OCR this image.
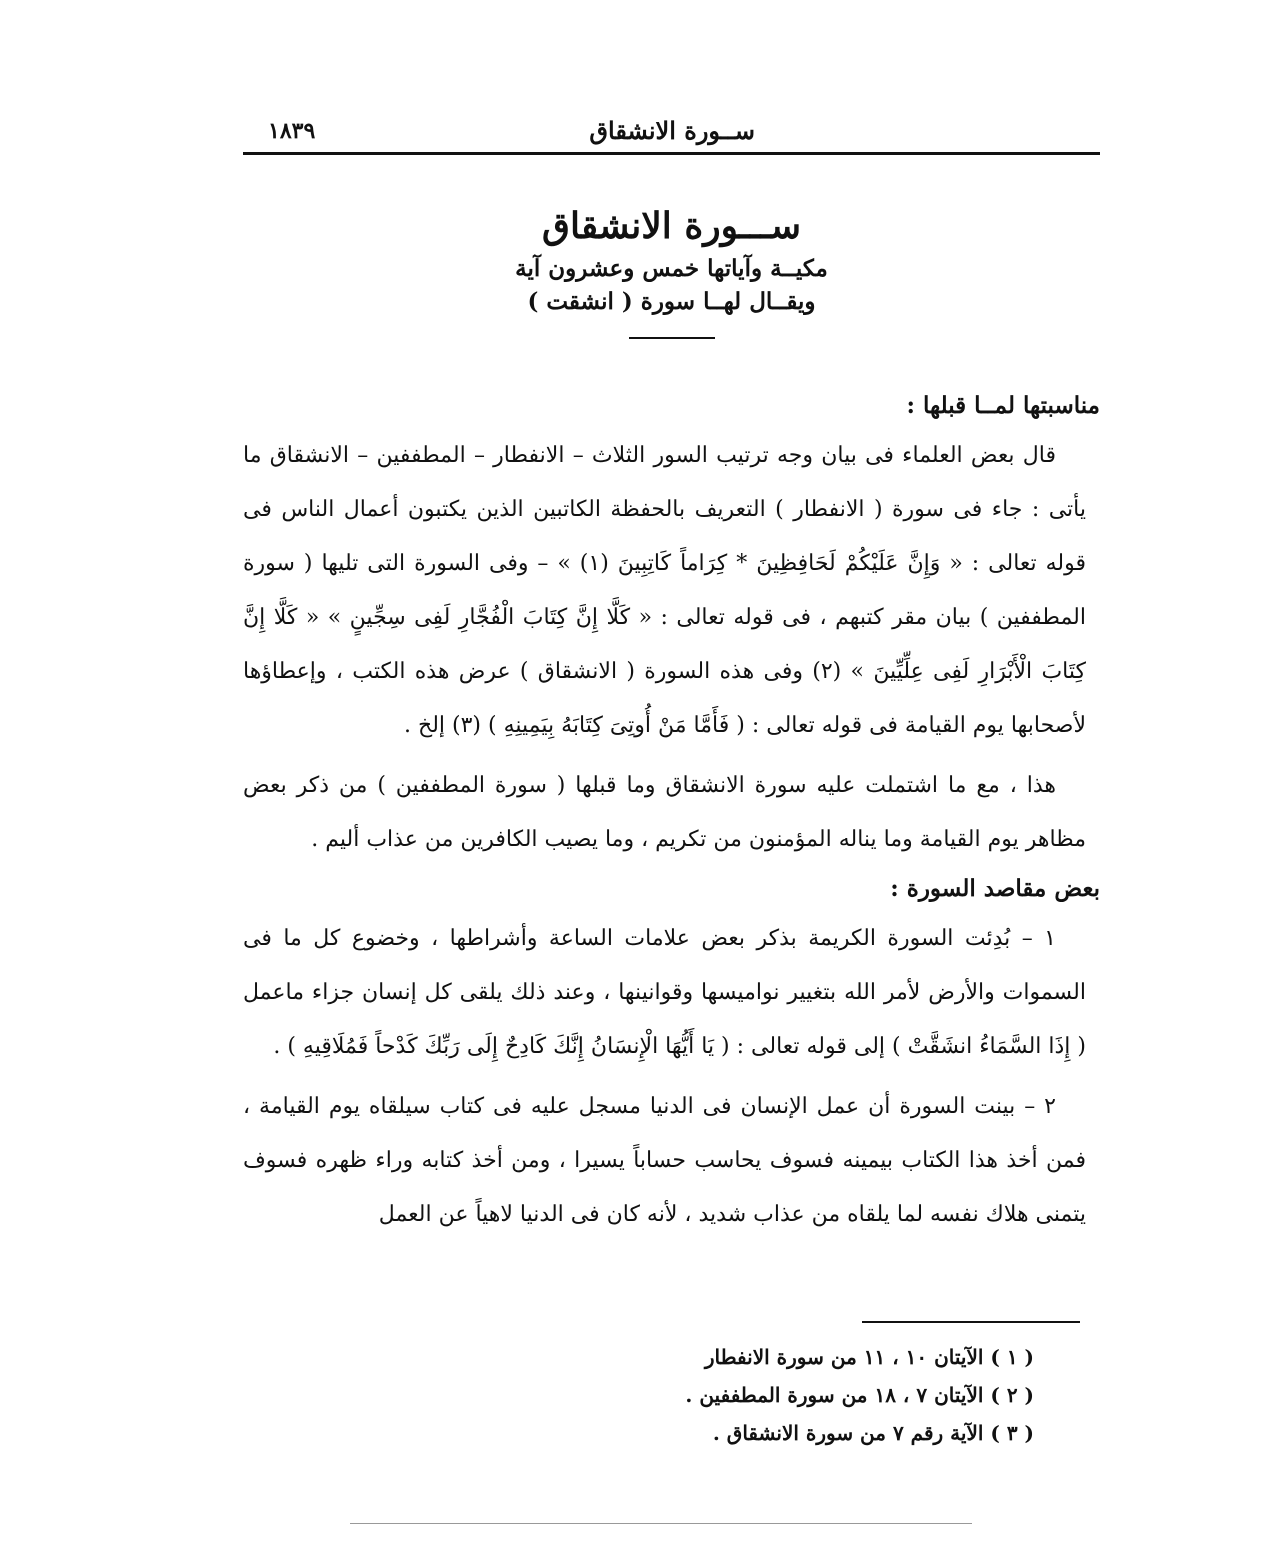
ســورة الانشقاق
١٨٣٩
ســـورة الانشقاق
مكيــة وآياتها خمس وعشرون آية
ويقــال لهــا سورة ( انشقت )
مناسبتها لمــا قبلها :

قال بعض العلماء فى بيان وجه ترتيب السور الثلاث – الانفطار – المطففين – الانشقاق ما يأتى : جاء فى سورة ( الانفطار ) التعريف بالحفظة الكاتبين الذين يكتبون أعمال الناس فى قوله تعالى : « وَإِنَّ عَلَيْكُمْ لَحَافِظِينَ * كِرَاماً كَاتِبِينَ (١) » – وفى السورة التى تليها ( سورة المطففين ) بيان مقر كتبهم ، فى قوله تعالى : « كَلَّا إِنَّ كِتَابَ الْفُجَّارِ لَفِى سِجِّينٍ » « كَلَّا إِنَّ كِتَابَ الْأَبْرَارِ لَفِى عِلِّيِّينَ » (٢) وفى هذه السورة ( الانشقاق ) عرض هذه الكتب ، وإعطاؤها لأصحابها يوم القيامة فى قوله تعالى : ( فَأَمَّا مَنْ أُوتِىَ كِتَابَهُ بِيَمِينِهِ ) (٣) إلخ .

هذا ، مع ما اشتملت عليه سورة الانشقاق وما قبلها ( سورة المطففين ) من ذكر بعض مظاهر يوم القيامة وما يناله المؤمنون من تكريم ، وما يصيب الكافرين من عذاب أليم .

بعض مقاصد السورة :

١ – بُدِئت السورة الكريمة بذكر بعض علامات الساعة وأشراطها ، وخضوع كل ما فى السموات والأرض لأمر الله بتغيير نواميسها وقوانينها ، وعند ذلك يلقى كل إنسان جزاء ماعمل ( إِذَا السَّمَاءُ انشَقَّتْ ) إلى قوله تعالى : ( يَا أَيُّهَا الْإِنسَانُ إِنَّكَ كَادِحٌ إِلَى رَبِّكَ كَدْحاً فَمُلَاقِيهِ ) .

٢ – بينت السورة أن عمل الإنسان فى الدنيا مسجل عليه فى كتاب سيلقاه يوم القيامة ، فمن أخذ هذا الكتاب بيمينه فسوف يحاسب حساباً يسيرا ، ومن أخذ كتابه وراء ظهره فسوف يتمنى هلاك نفسه لما يلقاه من عذاب شديد ، لأنه كان فى الدنيا لاهياً عن العمل

( ١ ) الآيتان ١٠ ، ١١ من سورة الانفطار

( ٢ ) الآيتان ٧ ، ١٨ من سورة المطففين .

( ٣ ) الآية رقم ٧ من سورة الانشقاق .
